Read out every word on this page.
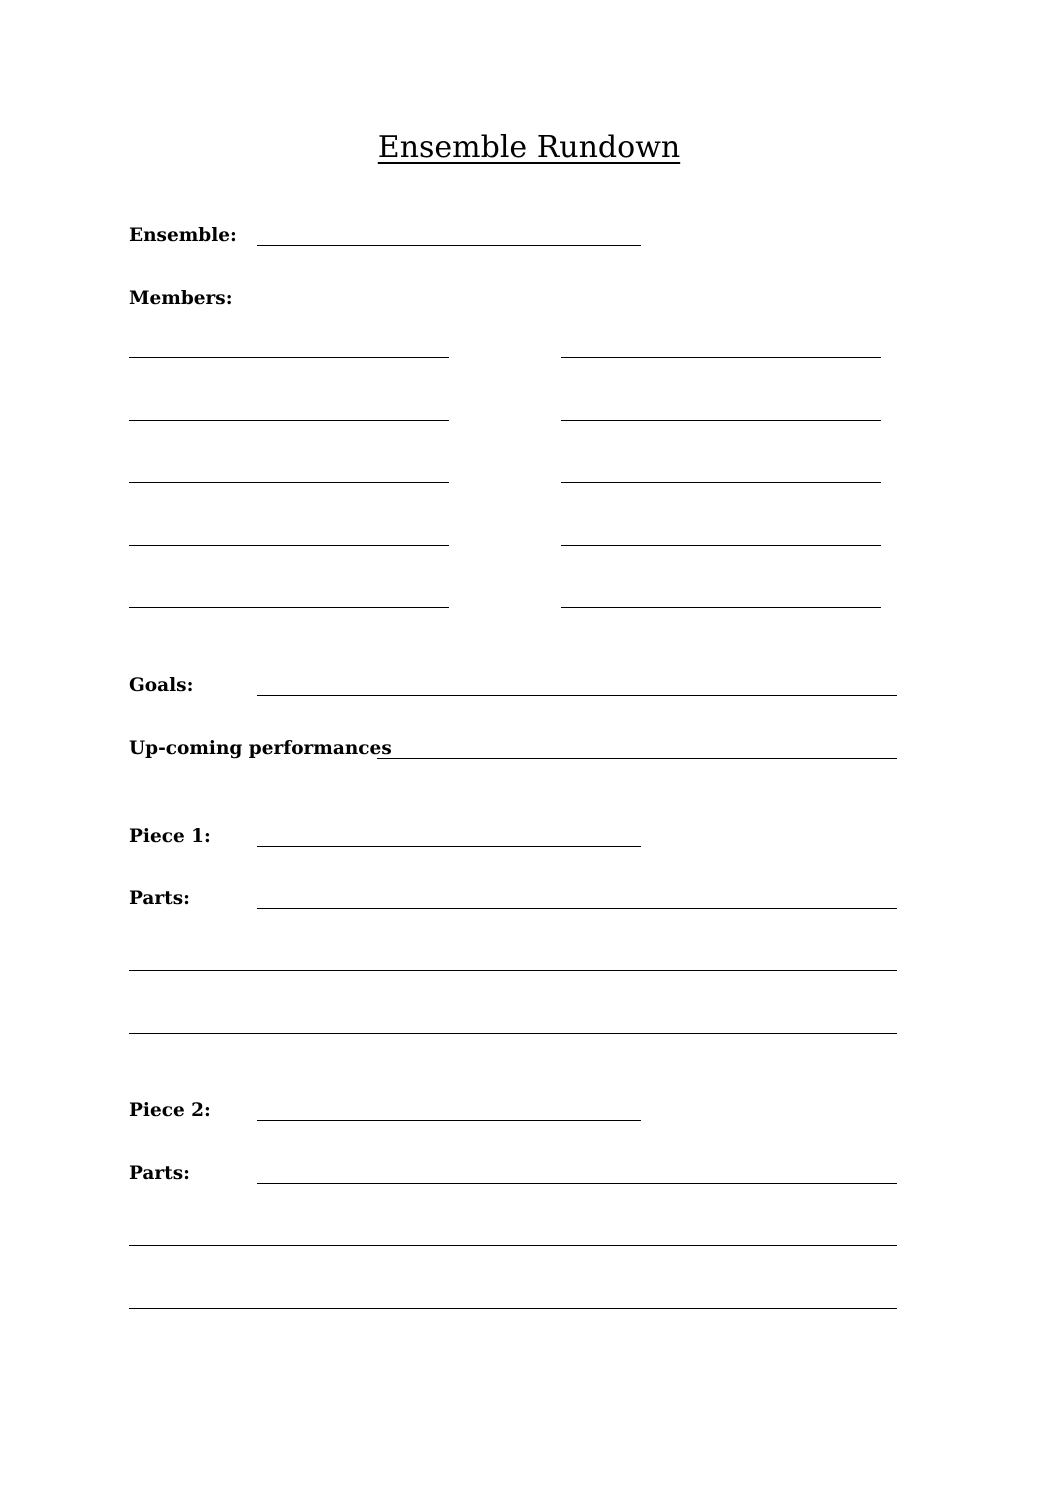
Ensemble Rundown
Ensemble:
Members:
Goals:
Up-coming performances
Piece 1:
Parts:
Piece 2:
Parts:
